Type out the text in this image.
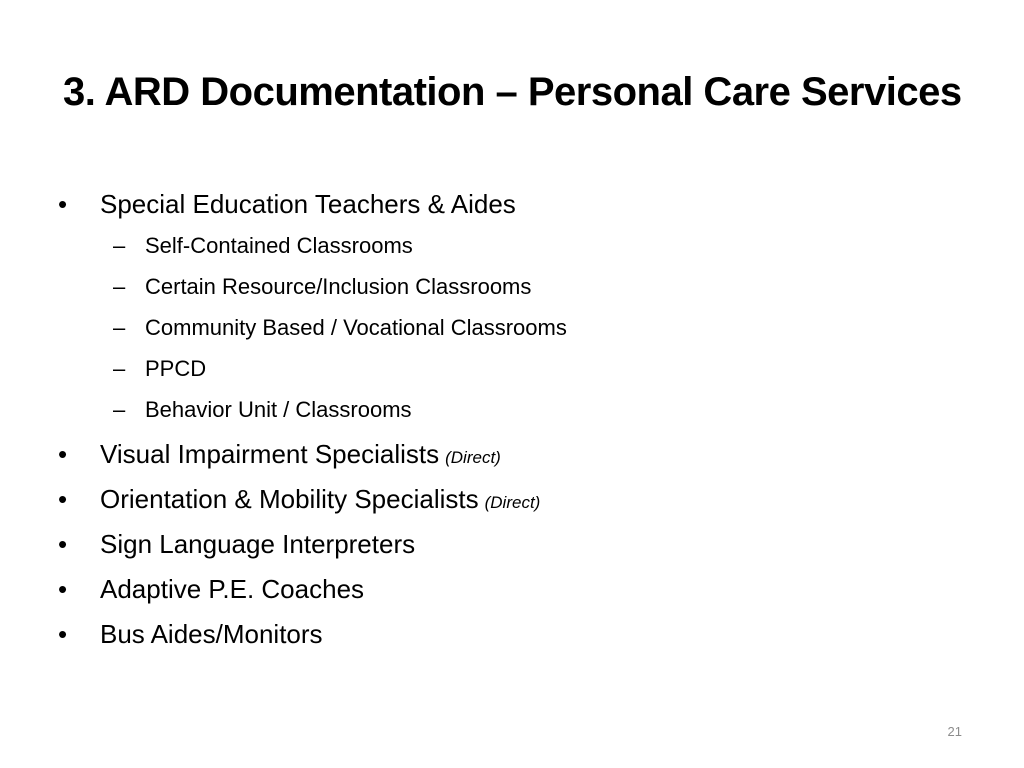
3. ARD Documentation – Personal Care Services
•	Special Education Teachers & Aides
– Self-Contained Classrooms
– Certain Resource/Inclusion Classrooms
– Community Based / Vocational Classrooms
– PPCD
– Behavior Unit / Classrooms
•	Visual Impairment Specialists (Direct)
•	Orientation & Mobility Specialists (Direct)
•	Sign Language Interpreters
•	Adaptive P.E. Coaches
•	Bus Aides/Monitors
21
